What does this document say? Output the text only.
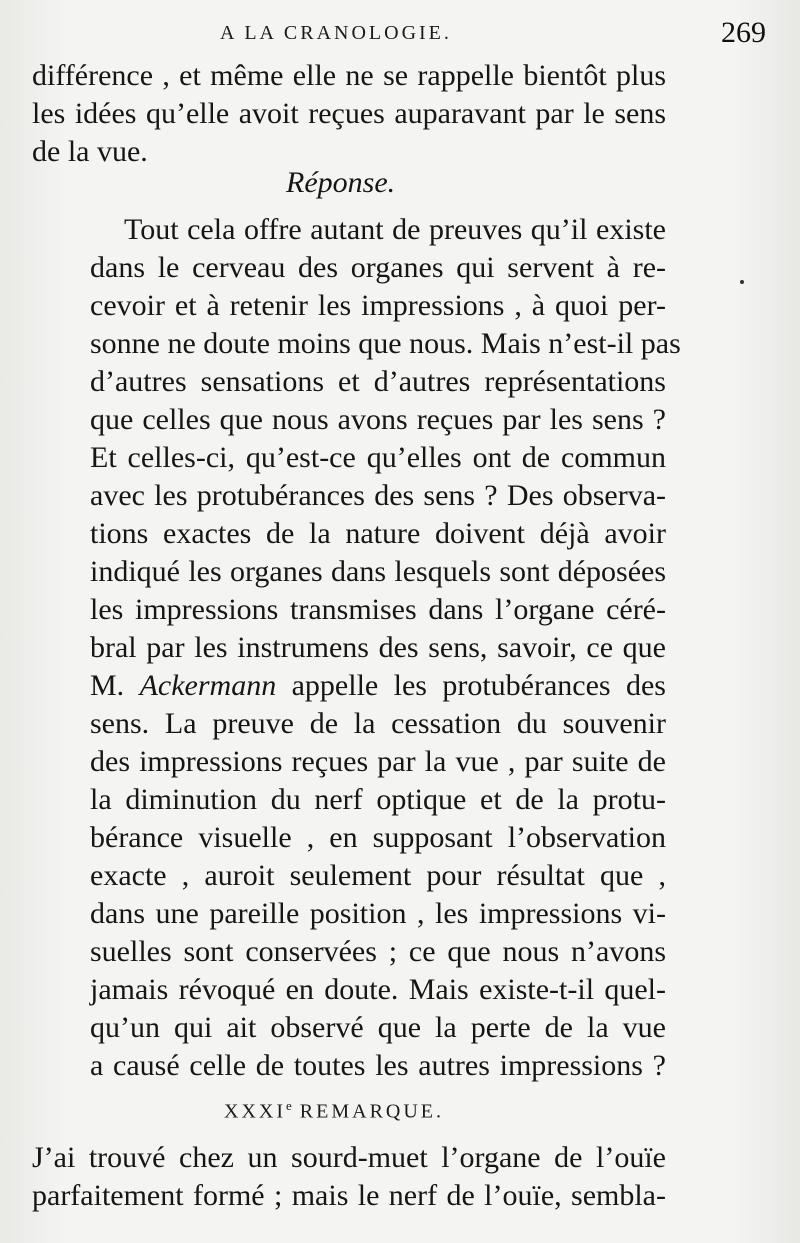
A LA CRANOLOGIE.	269
différence , et même elle ne se rappelle bientôt plus
les idées qu’elle avoit reçues auparavant par le sens
de la vue.
Réponse.
Tout cela offre autant de preuves qu’il existe
dans le cerveau des organes qui servent à re-
cevoir et à retenir les impressions , à quoi per-
sonne ne doute moins que nous. Mais n’est-il pas
d’autres sensations et d’autres représentations
que celles que nous avons reçues par les sens ?
Et celles-ci, qu’est-ce qu’elles ont de commun
avec les protubérances des sens ? Des observa-
tions exactes de la nature doivent déjà avoir
indiqué les organes dans lesquels sont déposées
les impressions transmises dans l’organe céré-
bral par les instrumens des sens, savoir, ce que
M. Ackermann appelle les protubérances des
sens. La preuve de la cessation du souvenir
des impressions reçues par la vue , par suite de
la diminution du nerf optique et de la protu-
bérance visuelle , en supposant l’observation
exacte , auroit seulement pour résultat que ,
dans une pareille position , les impressions vi-
suelles sont conservées ; ce que nous n’avons
jamais révoqué en doute. Mais existe-t-il quel-
qu’un qui ait observé que la perte de la vue
a causé celle de toutes les autres impressions ?
XXXIe REMARQUE.
J’ai trouvé chez un sourd-muet l’organe de l’ouïe
parfaitement formé ; mais le nerf de l’ouïe, sembla-
